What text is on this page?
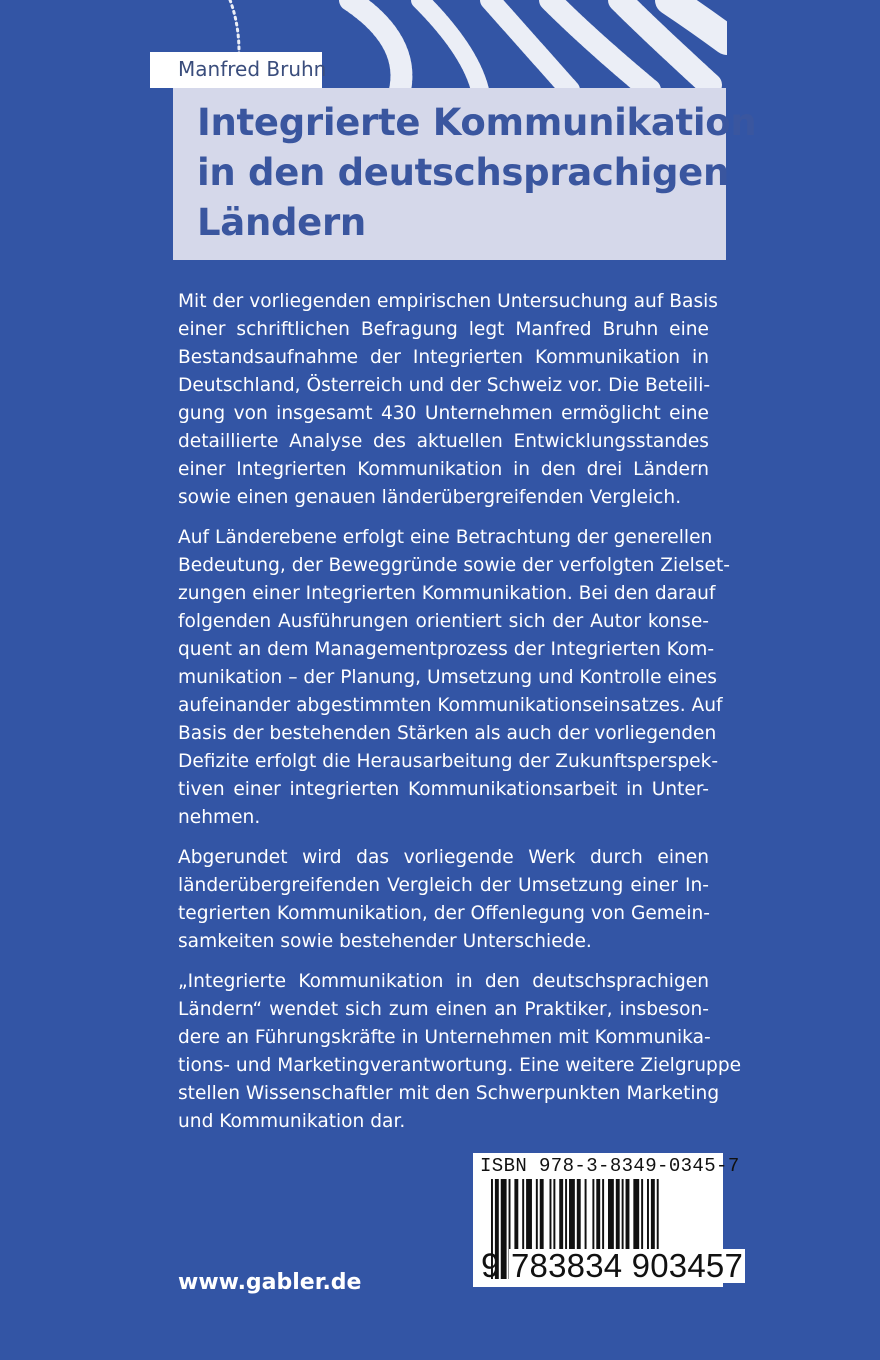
Manfred Bruhn
Integrierte Kommunikation
in den deutschsprachigen
Ländern
Mit der vorliegenden empirischen Untersuchung auf Basis
einer schriftlichen Befragung legt Manfred Bruhn eine
Bestandsaufnahme der Integrierten Kommunikation in
Deutschland, Österreich und der Schweiz vor. Die Beteili-
gung von insgesamt 430 Unternehmen ermöglicht eine
detaillierte Analyse des aktuellen Entwicklungsstandes
einer Integrierten Kommunikation in den drei Ländern
sowie einen genauen länderübergreifenden Vergleich.
Auf Länderebene erfolgt eine Betrachtung der generellen
Bedeutung, der Beweggründe sowie der verfolgten Zielset-
zungen einer Integrierten Kommunikation. Bei den darauf
folgenden Ausführungen orientiert sich der Autor konse-
quent an dem Managementprozess der Integrierten Kom-
munikation – der Planung, Umsetzung und Kontrolle eines
aufeinander abgestimmten Kommunikationseinsatzes. Auf
Basis der bestehenden Stärken als auch der vorliegenden
Defizite erfolgt die Herausarbeitung der Zukunftsperspek-
tiven einer integrierten Kommunikationsarbeit in Unter-
nehmen.
Abgerundet wird das vorliegende Werk durch einen
länderübergreifenden Vergleich der Umsetzung einer In-
tegrierten Kommunikation, der Offenlegung von Gemein-
samkeiten sowie bestehender Unterschiede.
„Integrierte Kommunikation in den deutschsprachigen
Ländern“ wendet sich zum einen an Praktiker, insbeson-
dere an Führungskräfte in Unternehmen mit Kommunika-
tions- und Marketingverantwortung. Eine weitere Zielgruppe
stellen Wissenschaftler mit den Schwerpunkten Marketing
und Kommunikation dar.
ISBN 978-3-8349-0345-7
9 783834 903457
www.gabler.de
